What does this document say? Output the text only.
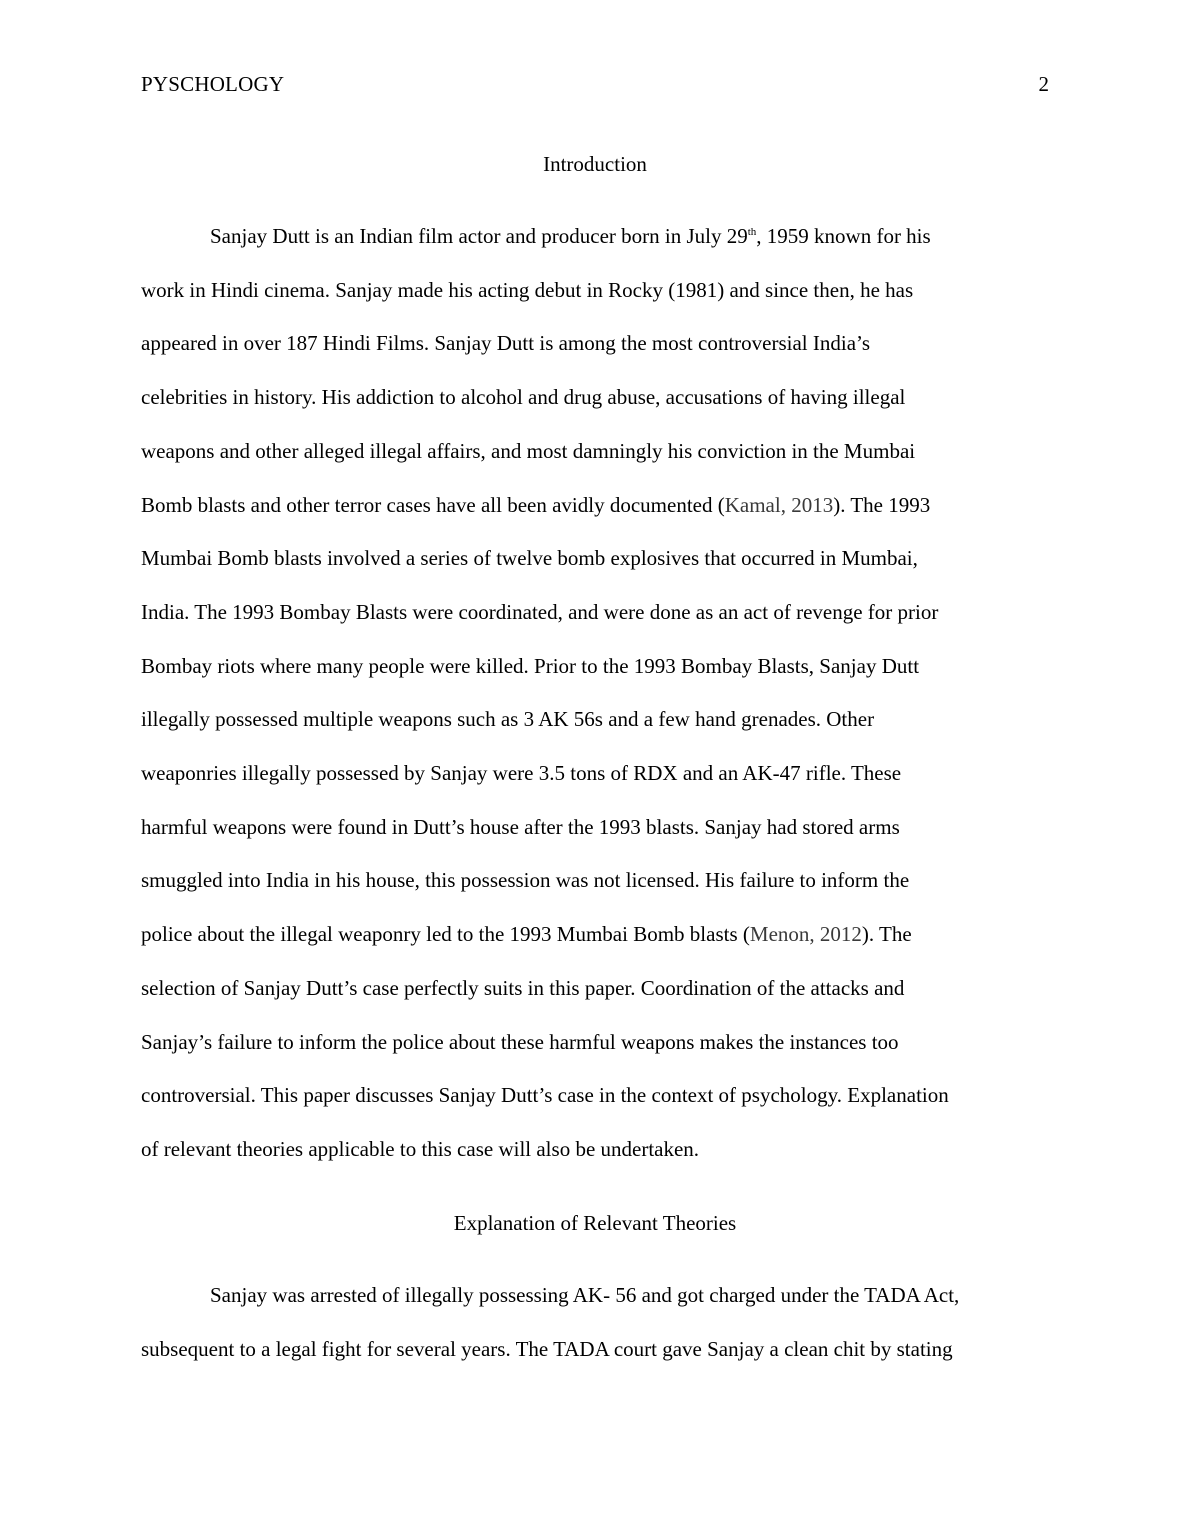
PYSCHOLOGY	2
Introduction
Sanjay Dutt is an Indian film actor and producer born in July 29th, 1959 known for his
work in Hindi cinema. Sanjay made his acting debut in Rocky (1981) and since then, he has
appeared in over 187 Hindi Films. Sanjay Dutt is among the most controversial India’s
celebrities in history. His addiction to alcohol and drug abuse, accusations of having illegal
weapons and other alleged illegal affairs, and most damningly his conviction in the Mumbai
Bomb blasts and other terror cases have all been avidly documented (Kamal, 2013). The 1993
Mumbai Bomb blasts involved a series of twelve bomb explosives that occurred in Mumbai,
India. The 1993 Bombay Blasts were coordinated, and were done as an act of revenge for prior
Bombay riots where many people were killed. Prior to the 1993 Bombay Blasts, Sanjay Dutt
illegally possessed multiple weapons such as 3 AK 56s and a few hand grenades. Other
weaponries illegally possessed by Sanjay were 3.5 tons of RDX and an AK-47 rifle. These
harmful weapons were found in Dutt’s house after the 1993 blasts. Sanjay had stored arms
smuggled into India in his house, this possession was not licensed. His failure to inform the
police about the illegal weaponry led to the 1993 Mumbai Bomb blasts (Menon, 2012). The
selection of Sanjay Dutt’s case perfectly suits in this paper. Coordination of the attacks and
Sanjay’s failure to inform the police about these harmful weapons makes the instances too
controversial. This paper discusses Sanjay Dutt’s case in the context of psychology. Explanation
of relevant theories applicable to this case will also be undertaken.
Explanation of Relevant Theories
Sanjay was arrested of illegally possessing AK- 56 and got charged under the TADA Act,
subsequent to a legal fight for several years. The TADA court gave Sanjay a clean chit by stating
